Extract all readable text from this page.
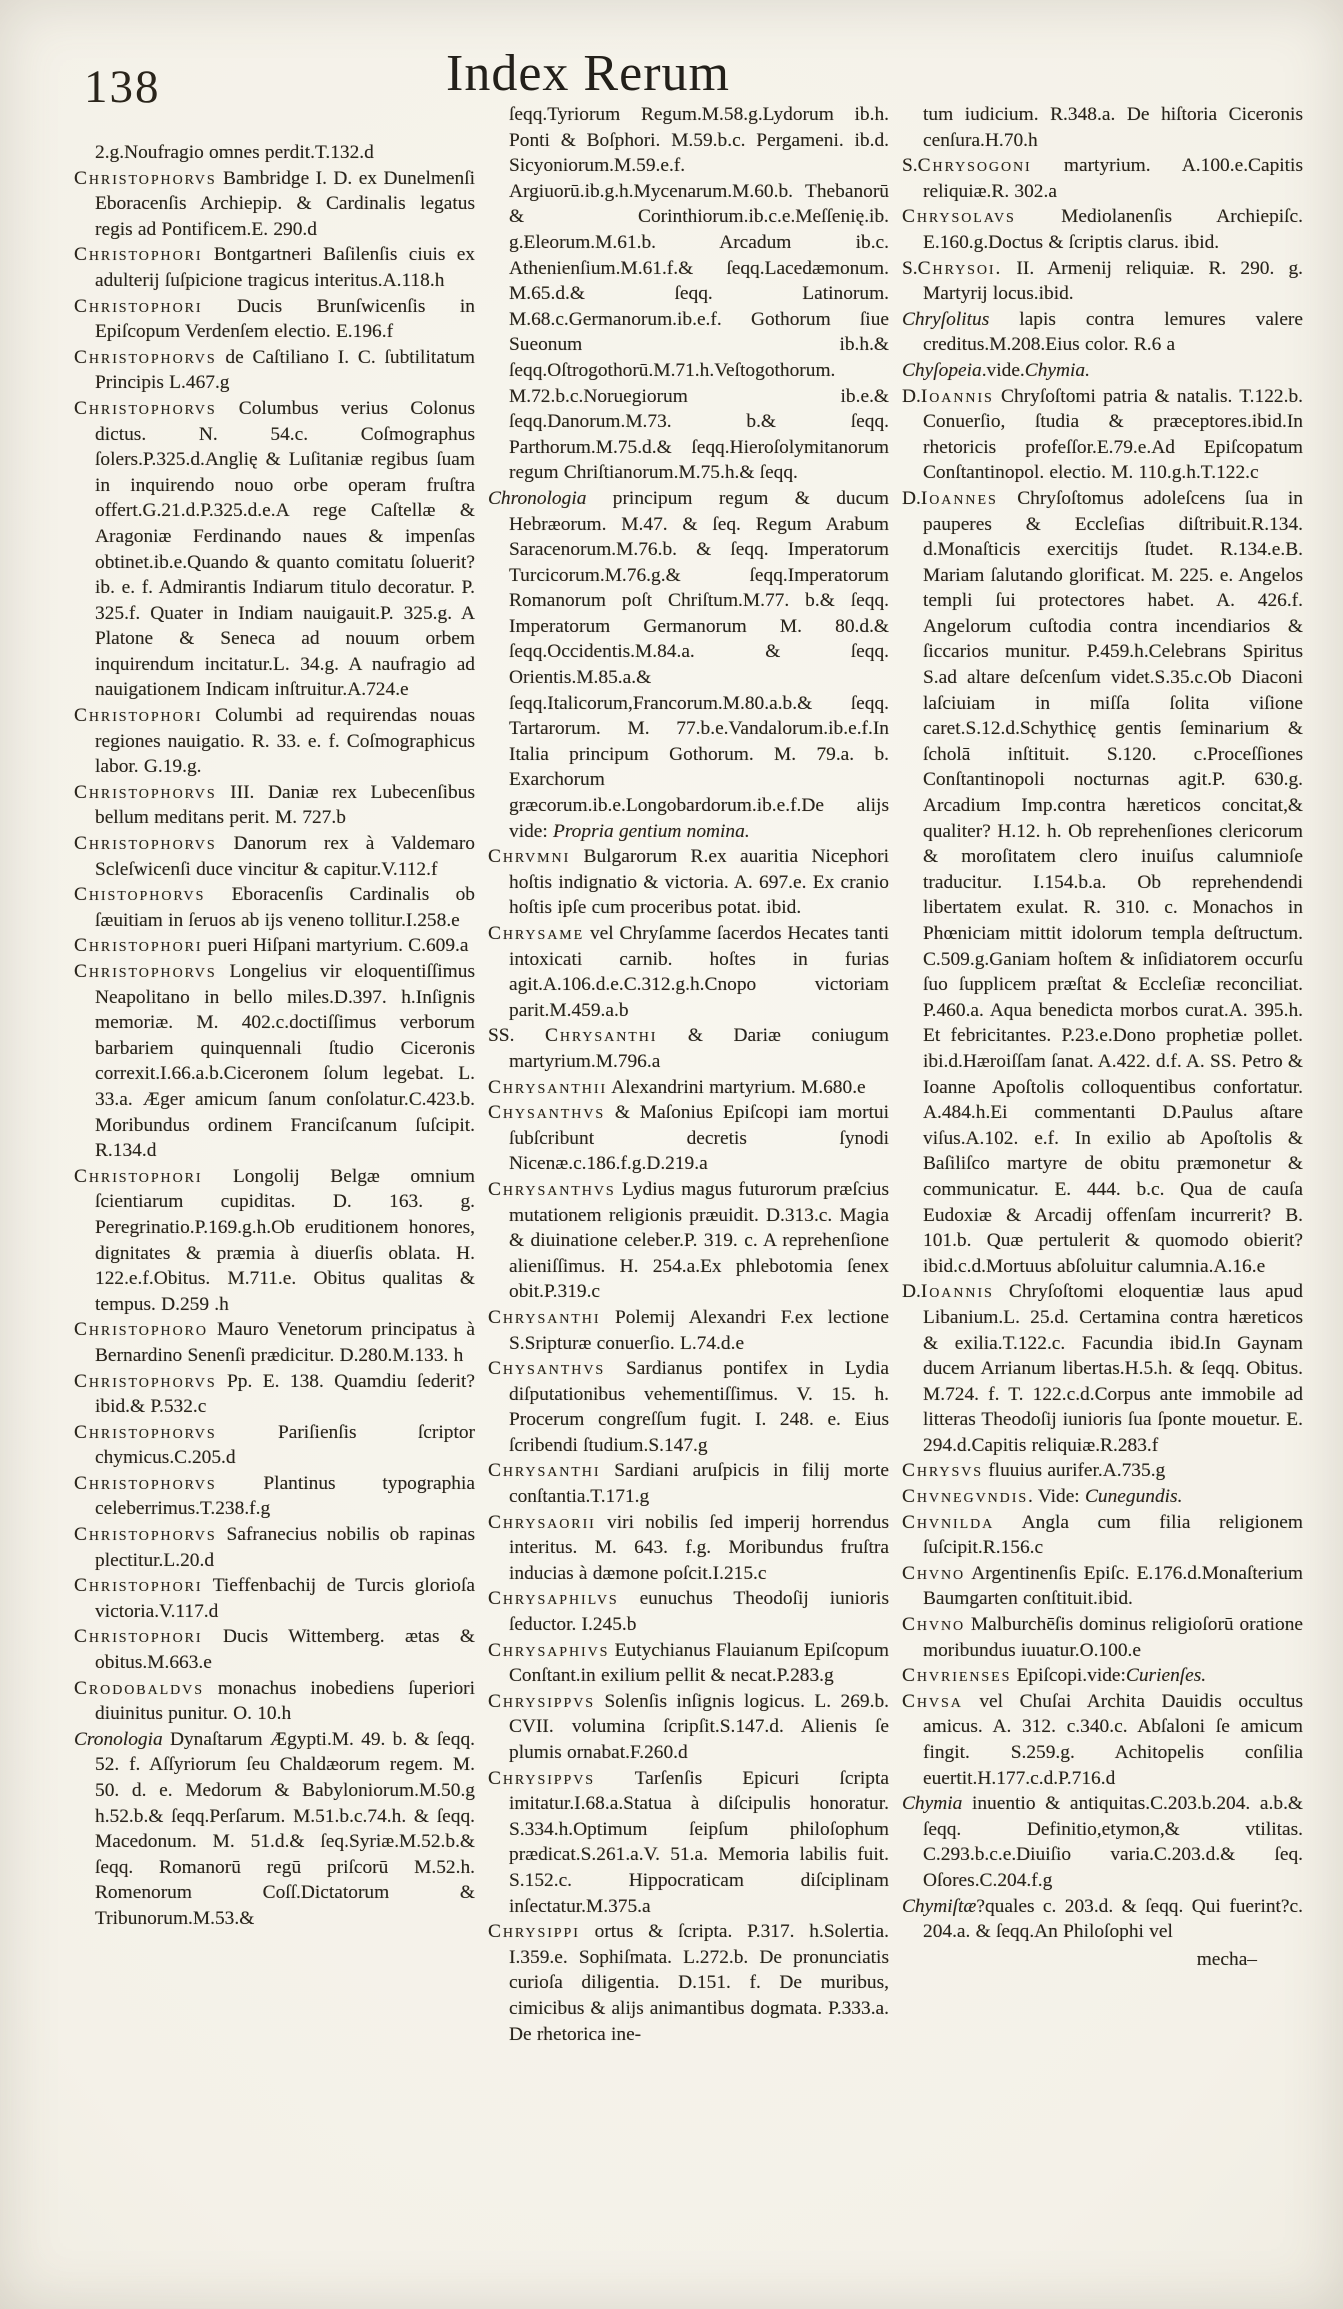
138	Index Rerum

2.g.Noufragio omnes perdit.T.132.d

Christophorvs Bambridge I. D. ex Dunelmenſi Eboracenſis Archiepip. & Cardinalis legatus regis ad Pontificem.E. 290.d

Christophori Bontgartneri Baſilenſis ciuis ex adulterij ſuſpicione tragicus interitus.A.118.h

Christophori Ducis Brunſwicenſis in Epiſcopum Verdenſem electio. E.196.f

Christophorvs de Caſtiliano I. C. ſubtilitatum Principis L.467.g

Christophorvs Columbus verius Colonus dictus. N. 54.c. Coſmographus ſolers.P.325.d.Anglię & Luſitaniæ regibus ſuam in inquirendo nouo orbe operam fruſtra offert.G.21.d.P.325.d.e.A rege Caſtellæ & Aragoniæ Ferdinando naues & impenſas obtinet.ib.e.Quando & quanto comitatu ſoluerit? ib. e. f. Admirantis Indiarum titulo decoratur. P. 325.f. Quater in Indiam nauigauit.P. 325.g. A Platone & Seneca ad nouum orbem inquirendum incitatur.L. 34.g. A naufragio ad nauigationem Indicam inſtruitur.A.724.e

Christophori Columbi ad requirendas nouas regiones nauigatio. R. 33. e. f. Coſmographicus labor. G.19.g.

Christophorvs III. Daniæ rex Lubecenſibus bellum meditans perit. M. 727.b

Christophorvs Danorum rex à Valdemaro Scleſwicenſi duce vincitur & capitur.V.112.f

Chistophorvs Eboracenſis Cardinalis ob ſæuitiam in ſeruos ab ijs veneno tollitur.I.258.e

Christophori pueri Hiſpani martyrium. C.609.a

Christophorvs Longelius vir eloquentiſſimus Neapolitano in bello miles.D.397. h.Inſignis memoriæ. M. 402.c.doctiſſimus verborum barbariem quinquennali ſtudio Ciceronis correxit.I.66.a.b.Ciceronem ſolum legebat. L. 33.a. Æger amicum ſanum conſolatur.C.423.b. Moribundus ordinem Franciſcanum ſuſcipit. R.134.d

Christophori Longolij Belgæ omnium ſcientiarum cupiditas. D. 163. g. Peregrinatio.P.169.g.h.Ob eruditionem honores, dignitates & præmia à diuerſis oblata. H. 122.e.f.Obitus. M.711.e. Obitus qualitas & tempus. D.259 .h

Christophoro Mauro Venetorum principatus à Bernardino Senenſi prædicitur. D.280.M.133. h

Christophorvs Pp. E. 138. Quamdiu ſederit?ibid.& P.532.c

Christophorvs Pariſienſis ſcriptor chymicus.C.205.d

Christophorvs Plantinus typographia celeberrimus.T.238.f.g

Christophorvs Safranecius nobilis ob rapinas plectitur.L.20.d

Christophori Tieffenbachij de Turcis glorioſa victoria.V.117.d

Christophori Ducis Wittemberg. ætas & obitus.M.663.e

Crodobaldvs monachus inobediens ſuperiori diuinitus punitur. O. 10.h

Cronologia Dynaſtarum Ægypti.M. 49. b. & ſeqq. 52. f. Aſſyriorum ſeu Chaldæorum regem. M. 50. d. e. Medorum & Babyloniorum.M.50.g h.52.b.& ſeqq.Perſarum. M.51.b.c.74.h. & ſeqq. Macedonum. M. 51.d.& ſeq.Syriæ.M.52.b.& ſeqq. Romanorū regū priſcorū M.52.h. Romenorum Coſſ.Dictatorum & Tribunorum.M.53.&

ſeqq.Tyriorum Regum.M.58.g.Lydorum ib.h. Ponti & Boſphori. M.59.b.c. Pergameni. ib.d. Sicyoniorum.M.59.e.f. Argiuorū.ib.g.h.Mycenarum.M.60.b. Thebanorū & Corinthiorum.ib.c.e.Meſſenię.ib. g.Eleorum.M.61.b. Arcadum ib.c. Athenienſium.M.61.f.& ſeqq.Lacedæmonum. M.65.d.& ſeqq. Latinorum. M.68.c.Germanorum.ib.e.f. Gothorum ſiue Sueonum ib.h.& ſeqq.Oſtrogothorū.M.71.h.Veſtogothorum. M.72.b.c.Noruegiorum ib.e.& ſeqq.Danorum.M.73. b.& ſeqq. Parthorum.M.75.d.& ſeqq.Hieroſolymitanorum regum Chriſtianorum.M.75.h.& ſeqq.

Chronologia principum regum & ducum Hebræorum. M.47. & ſeq. Regum Arabum Saracenorum.M.76.b. & ſeqq. Imperatorum Turcicorum.M.76.g.& ſeqq.Imperatorum Romanorum poſt Chriſtum.M.77. b.& ſeqq. Imperatorum Germanorum M. 80.d.& ſeqq.Occidentis.M.84.a. & ſeqq. Orientis.M.85.a.& ſeqq.Italicorum,Francorum.M.80.a.b.& ſeqq. Tartarorum. M. 77.b.e.Vandalorum.ib.e.f.In Italia principum Gothorum. M. 79.a. b. Exarchorum græcorum.ib.e.Longobardorum.ib.e.f.De alijs vide: Propria gentium nomina.

Chrvmni Bulgarorum R.ex auaritia Nicephori hoſtis indignatio & victoria. A. 697.e. Ex cranio hoſtis ipſe cum proceribus potat. ibid.

Chrysame vel Chryſamme ſacerdos Hecates tanti intoxicati carnib. hoſtes in furias agit.A.106.d.e.C.312.g.h.Cnopo victoriam parit.M.459.a.b

SS. Chrysanthi & Dariæ coniugum martyrium.M.796.a

Chrysanthii Alexandrini martyrium. M.680.e

Chysanthvs & Maſonius Epiſcopi iam mortui ſubſcribunt decretis ſynodi Nicenæ.c.186.f.g.D.219.a

Chrysanthvs Lydius magus futurorum præſcius mutationem religionis præuidit. D.313.c. Magia & diuinatione celeber.P. 319. c. A reprehenſione alieniſſimus. H. 254.a.Ex phlebotomia ſenex obit.P.319.c

Chrysanthi Polemij Alexandri F.ex lectione S.Sripturæ conuerſio. L.74.d.e

Chysanthvs Sardianus pontifex in Lydia diſputationibus vehementiſſimus. V. 15. h. Procerum congreſſum fugit. I. 248. e. Eius ſcribendi ſtudium.S.147.g

Chrysanthi Sardiani aruſpicis in filij morte conſtantia.T.171.g

Chrysaorii viri nobilis ſed imperij horrendus interitus. M. 643. f.g. Moribundus fruſtra inducias à dæmone poſcit.I.215.c

Chrysaphilvs eunuchus Theodoſij iunioris ſeductor. I.245.b

Chrysaphivs Eutychianus Flauianum Epiſcopum Conſtant.in exilium pellit & necat.P.283.g

Chrysippvs Solenſis inſignis logicus. L. 269.b. CVII. volumina ſcripſit.S.147.d. Alienis ſe plumis ornabat.F.260.d

Chrysippvs Tarſenſis Epicuri ſcripta imitatur.I.68.a.Statua à diſcipulis honoratur. S.334.h.Optimum ſeipſum philoſophum prædicat.S.261.a.V. 51.a. Memoria labilis fuit. S.152.c. Hippocraticam diſciplinam inſectatur.M.375.a

Chrysippi ortus & ſcripta. P.317. h.Solertia. I.359.e. Sophiſmata. L.272.b. De pronunciatis curioſa diligentia. D.151. f. De muribus, cimicibus & alijs animantibus dogmata. P.333.a. De rhetorica ine-

tum iudicium. R.348.a. De hiſtoria Ciceronis cenſura.H.70.h

S.Chrysogoni martyrium. A.100.e.Capitis reliquiæ.R. 302.a

Chrysolavs Mediolanenſis Archiepiſc. E.160.g.Doctus & ſcriptis clarus. ibid.

S.Chrysoi. II. Armenij reliquiæ. R. 290. g. Martyrij locus.ibid.

Chryſolitus lapis contra lemures valere creditus.M.208.Eius color. R.6 a

Chyſopeia.vide.Chymia.

D.Ioannis Chryſoſtomi patria & natalis. T.122.b. Conuerſio, ſtudia & præceptores.ibid.In rhetoricis profeſſor.E.79.e.Ad Epiſcopatum Conſtantinopol. electio. M. 110.g.h.T.122.c

D.Ioannes Chryſoſtomus adoleſcens ſua in pauperes & Eccleſias diſtribuit.R.134. d.Monaſticis exercitijs ſtudet. R.134.e.B. Mariam ſalutando glorificat. M. 225. e. Angelos templi ſui protectores habet. A. 426.f. Angelorum cuſtodia contra incendiarios & ſiccarios munitur. P.459.h.Celebrans Spiritus S.ad altare deſcenſum videt.S.35.c.Ob Diaconi laſciuiam in miſſa ſolita viſione caret.S.12.d.Schythicę gentis ſeminarium & ſcholā inſtituit. S.120. c.Proceſſiones Conſtantinopoli nocturnas agit.P. 630.g. Arcadium Imp.contra hæreticos concitat,& qualiter? H.12. h. Ob reprehenſiones clericorum & moroſitatem clero inuiſus calumnioſe traducitur. I.154.b.a. Ob reprehendendi libertatem exulat. R. 310. c. Monachos in Phœniciam mittit idolorum templa deſtructum. C.509.g.Ganiam hoſtem & inſidiatorem occurſu ſuo ſupplicem præſtat & Eccleſiæ reconciliat. P.460.a. Aqua benedicta morbos curat.A. 395.h. Et febricitantes. P.23.e.Dono prophetiæ pollet. ibi.d.Hæroiſſam ſanat. A.422. d.f. A. SS. Petro & Ioanne Apoſtolis colloquentibus confortatur. A.484.h.Ei commentanti D.Paulus aſtare viſus.A.102. e.f. In exilio ab Apoſtolis & Baſiliſco martyre de obitu præmonetur & communicatur. E. 444. b.c. Qua de cauſa Eudoxiæ & Arcadij offenſam incurrerit? B. 101.b. Quæ pertulerit & quomodo obierit?ibid.c.d.Mortuus abſoluitur calumnia.A.16.e

D.Ioannis Chryſoſtomi eloquentiæ laus apud Libanium.L. 25.d. Certamina contra hæreticos & exilia.T.122.c. Facundia ibid.In Gaynam ducem Arrianum libertas.H.5.h. & ſeqq. Obitus. M.724. f. T. 122.c.d.Corpus ante immobile ad litteras Theodoſij iunioris ſua ſponte mouetur. E. 294.d.Capitis reliquiæ.R.283.f

Chrysvs fluuius aurifer.A.735.g

Chvnegvndis. Vide: Cunegundis.

Chvnilda Angla cum filia religionem ſuſcipit.R.156.c

Chvno Argentinenſis Epiſc. E.176.d.Monaſterium Baumgarten conſtituit.ibid.

Chvno Malburchēſis dominus religioſorū oratione moribundus iuuatur.O.100.e

Chvrienses Epiſcopi.vide:Curienſes.

Chvsa vel Chuſai Archita Dauidis occultus amicus. A. 312. c.340.c. Abſaloni ſe amicum fingit. S.259.g. Achitopelis conſilia euertit.H.177.c.d.P.716.d

Chymia inuentio & antiquitas.C.203.b.204. a.b.& ſeqq. Definitio,etymon,& vtilitas. C.293.b.c.e.Diuiſio varia.C.203.d.& ſeq. Oſores.C.204.f.g

Chymiſtæ?quales c. 203.d. & ſeqq. Qui fuerint?c. 204.a. & ſeqq.An Philoſophi vel

mecha–
